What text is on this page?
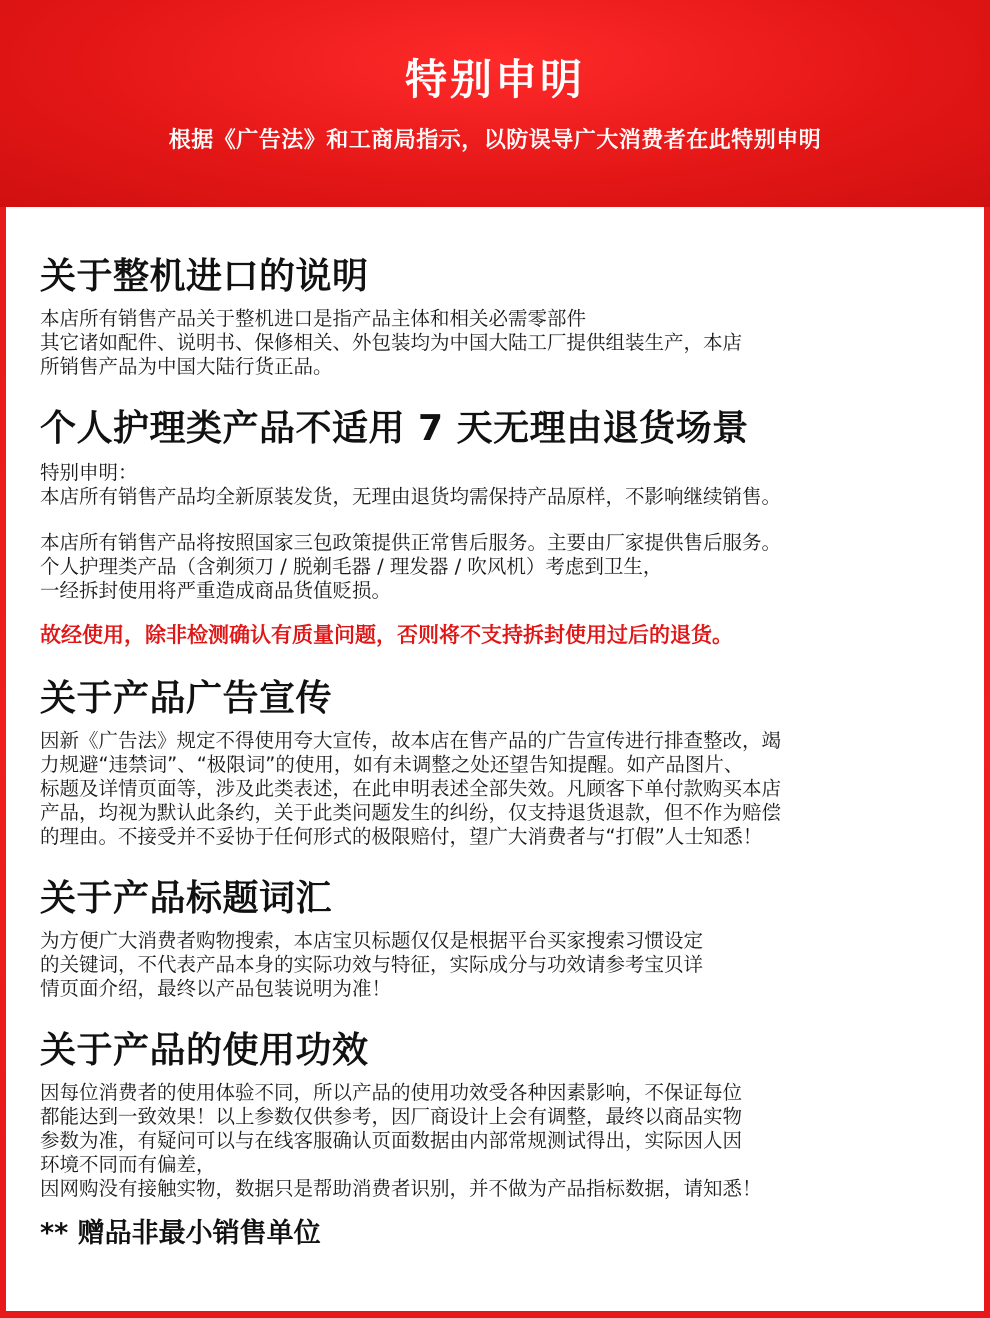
特别申明
根据《广告法》和工商局指示，以防误导广大消费者在此特别申明
关于整机进口的说明

本店所有销售产品关于整机进口是指产品主体和相关必需零部件
其它诸如配件、说明书、保修相关、外包装均为中国大陆工厂提供组装生产，本店
所销售产品为中国大陆行货正品。

个人护理类产品不适用 7 天无理由退货场景

特别申明：
本店所有销售产品均全新原装发货，无理由退货均需保持产品原样，不影响继续销售。

本店所有销售产品将按照国家三包政策提供正常售后服务。主要由厂家提供售后服务。
个人护理类产品（含剃须刀 / 脱剃毛器 / 理发器 / 吹风机）考虑到卫生，
一经拆封使用将严重造成商品货值贬损。

故经使用，除非检测确认有质量问题，否则将不支持拆封使用过后的退货。

关于产品广告宣传

因新《广告法》规定不得使用夸大宣传，故本店在售产品的广告宣传进行排查整改，竭
力规避“违禁词”、“极限词”的使用，如有未调整之处还望告知提醒。如产品图片、
标题及详情页面等，涉及此类表述，在此申明表述全部失效。凡顾客下单付款购买本店
产品，均视为默认此条约，关于此类问题发生的纠纷，仅支持退货退款，但不作为赔偿
的理由。不接受并不妥协于任何形式的极限赔付，望广大消费者与“打假”人士知悉！

关于产品标题词汇

为方便广大消费者购物搜索，本店宝贝标题仅仅是根据平台买家搜索习惯设定
的关键词，不代表产品本身的实际功效与特征，实际成分与功效请参考宝贝详
情页面介绍，最终以产品包装说明为准！

关于产品的使用功效

因每位消费者的使用体验不同，所以产品的使用功效受各种因素影响，不保证每位
都能达到一致效果！以上参数仅供参考，因厂商设计上会有调整，最终以商品实物
参数为准，有疑问可以与在线客服确认页面数据由内部常规测试得出，实际因人因
环境不同而有偏差，
因网购没有接触实物，数据只是帮助消费者识别，并不做为产品指标数据，请知悉！

** 赠品非最小销售单位
